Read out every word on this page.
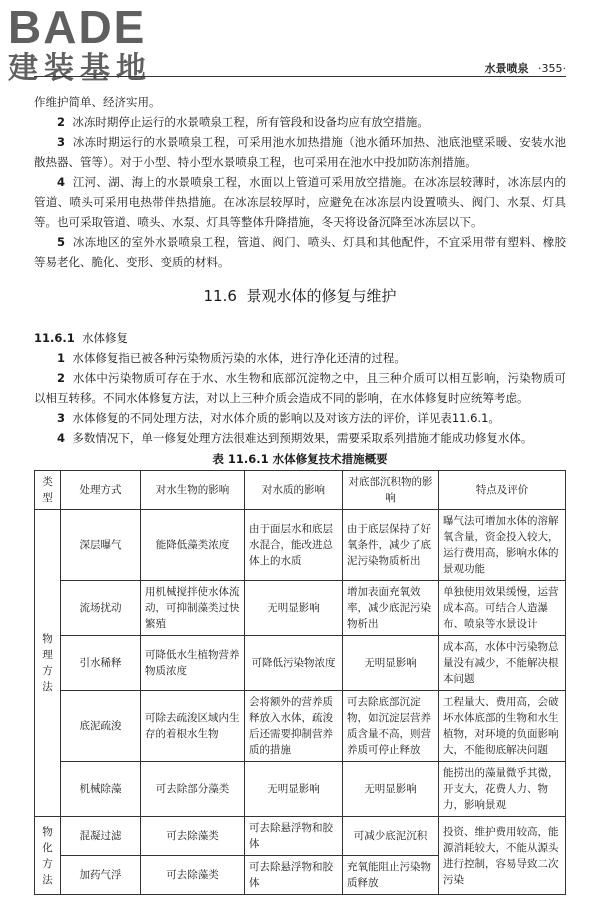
BADE
建装基地	水景喷泉 ·355·

作维护简单、经济实用。

2 冰冻时期停止运行的水景喷泉工程，所有管段和设备均应有放空措施。

3 冰冻时期运行的水景喷泉工程，可采用池水加热措施（池水循环加热、池底池壁采暖、安装水池散热器、管等）。对于小型、特小型水景喷泉工程，也可采用在池水中投加防冻剂措施。

4 江河、湖、海上的水景喷泉工程，水面以上管道可采用放空措施。在冰冻层较薄时，冰冻层内的管道、喷头可采用电热带伴热措施。在冰冻层较厚时，应避免在冰冻层内设置喷头、阀门、水泵、灯具等。也可采取管道、喷头、水泵、灯具等整体升降措施，冬天将设备沉降至冰冻层以下。

5 冰冻地区的室外水景喷泉工程，管道、阀门、喷头、灯具和其他配件，不宜采用带有塑料、橡胶等易老化、脆化、变形、变质的材料。

11.6 景观水体的修复与维护

11.6.1 水体修复

1 水体修复指已被各种污染物质污染的水体，进行净化还清的过程。

2 水体中污染物质可存在于水、水生物和底部沉淀物之中，且三种介质可以相互影响，污染物质可以相互转移。不同水体修复方法，对以上三种介质会造成不同的影响，在水体修复时应统筹考虑。

3 水体修复的不同处理方法，对水体介质的影响以及对该方法的评价，详见表11.6.1。

4 多数情况下，单一修复处理方法很难达到预期效果，需要采取系列措施才能成功修复水体。

表 11.6.1 水体修复技术措施概要
类型	处理方式	对水生物的影响	对水质的影响	对底部沉积物的影响	特点及评价
物理方法	深层曝气	能降低藻类浓度	由于面层水和底层水混合，能改进总体上的水质	由于底层保持了好氧条件，减少了底泥污染物质析出	曝气法可增加水体的溶解氧含量，资金投入较大，运行费用高，影响水体的景观功能
	流场扰动	用机械搅拌使水体流动，可抑制藻类过快繁殖	无明显影响	增加表面充氧效率，减少底泥污染物析出	单独使用效果缓慢，运营成本高。可结合人造瀑布、喷泉等水景设计
	引水稀释	可降低水生植物营养物质浓度	可降低污染物浓度	无明显影响	成本高，水体中污染物总量没有减少，不能解决根本问题
	底泥疏浚	可除去疏浚区域内生存的着根水生物	会将额外的营养质释放入水体，疏浚后还需要抑制营养质的措施	可去除底部沉淀物，如沉淀层营养质含量不高，则营养质可停止释放	工程量大、费用高，会破坏水体底部的生物和水生植物，对环境的负面影响大，不能彻底解决问题
	机械除藻	可去除部分藻类	无明显影响	无明显影响	能捞出的藻量微乎其微，开支大，花费人力、物力，影响景观
物化方法	混凝过滤	可去除藻类	可去除悬浮物和胶体	可减少底泥沉积	投资、维护费用较高，能源消耗较大，不能从源头进行控制，容易导致二次污染
	加药气浮	可去除藻类	可去除悬浮物和胶体	充氧能阻止污染物质释放	
